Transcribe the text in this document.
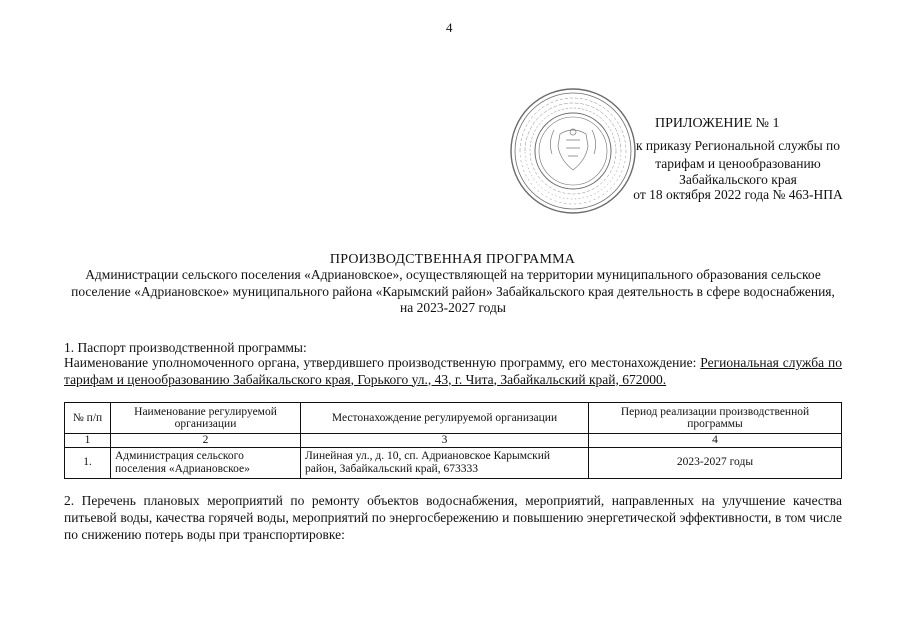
4
ПРИЛОЖЕНИЕ № 1
к приказу Региональной службы по
тарифам и ценообразованию
Забайкальского края
от 18 октября 2022 года № 463-НПА
ПРОИЗВОДСТВЕННАЯ ПРОГРАММА
Администрации сельского поселения «Адриановское», осуществляющей на территории муниципального образования сельское поселение «Адриановское» муниципального района «Карымский район» Забайкальского края деятельность в сфере водоснабжения, на 2023-2027 годы
1. Паспорт производственной программы:
Наименование уполномоченного органа, утвердившего производственную программу, его местонахождение: Региональная служба по тарифам и ценообразованию Забайкальского края, Горького ул., 43, г. Чита, Забайкальский край, 672000.
№ п/п	Наименование регулируемой организации	Местонахождение регулируемой организации	Период реализации производственной программы
1	2	3	4
1.	Администрация сельского поселения «Адриановское»	Линейная ул., д. 10, сп. Адриановское Карымский район, Забайкальский край, 673333	2023-2027 годы
2. Перечень плановых мероприятий по ремонту объектов водоснабжения, мероприятий, направленных на улучшение качества питьевой воды, качества горячей воды, мероприятий по энергосбережению и повышению энергетической эффективности, в том числе по снижению потерь воды при транспортировке:
